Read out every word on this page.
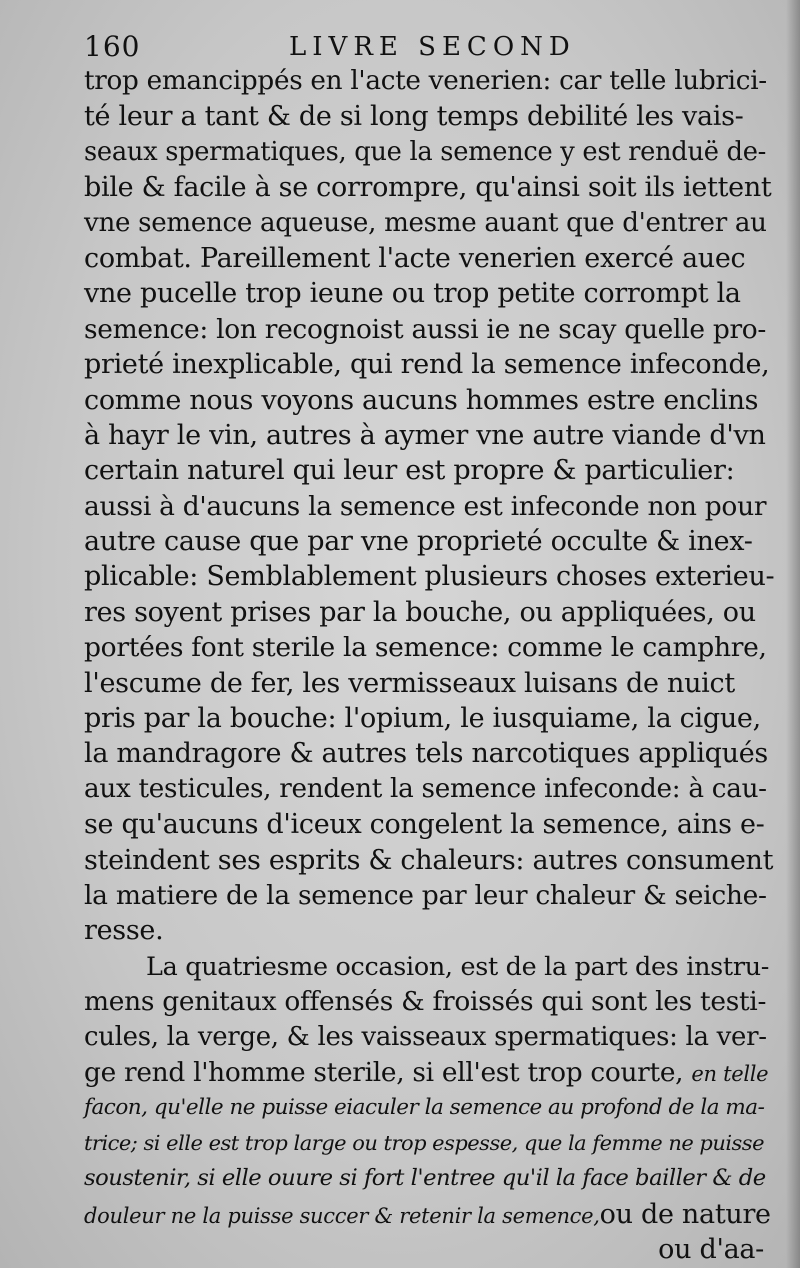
160	LIVRE SECOND
trop emancippés en l'acte venerien: car telle lubrici-
té leur a tant & de si long temps debilité les vais-
seaux spermatiques, que la semence y est renduë de-
bile & facile à se corrompre, qu'ainsi soit ils iettent
vne semence aqueuse, mesme auant que d'entrer au
combat. Pareillement l'acte venerien exercé auec
vne pucelle trop ieune ou trop petite corrompt la
semence: lon recognoist aussi ie ne scay quelle pro-
prieté inexplicable, qui rend la semence infeconde,
comme nous voyons aucuns hommes estre enclins
à hayr le vin, autres à aymer vne autre viande d'vn
certain naturel qui leur est propre & particulier:
aussi à d'aucuns la semence est infeconde non pour
autre cause que par vne proprieté occulte & inex-
plicable: Semblablement plusieurs choses exterieu-
res soyent prises par la bouche, ou appliquées, ou
portées font sterile la semence: comme le camphre,
l'escume de fer, les vermisseaux luisans de nuict
pris par la bouche: l'opium, le iusquiame, la cigue,
la mandragore & autres tels narcotiques appliqués
aux testicules, rendent la semence infeconde: à cau-
se qu'aucuns d'iceux congelent la semence, ains e-
steindent ses esprits & chaleurs: autres consument
la matiere de la semence par leur chaleur & seiche-
resse.
La quatriesme occasion, est de la part des instru-
mens genitaux offensés & froissés qui sont les testi-
cules, la verge, & les vaisseaux spermatiques: la ver-
ge rend l'homme sterile, si ell'est trop courte, en telle
facon, qu'elle ne puisse eiaculer la semence au profond de la ma-
trice; si elle est trop large ou trop espesse, que la femme ne puisse
soustenir, si elle ouure si fort l'entree qu'il la face bailler & de
douleur ne la puisse succer & retenir la semence,ou de nature
ou d'aa-
